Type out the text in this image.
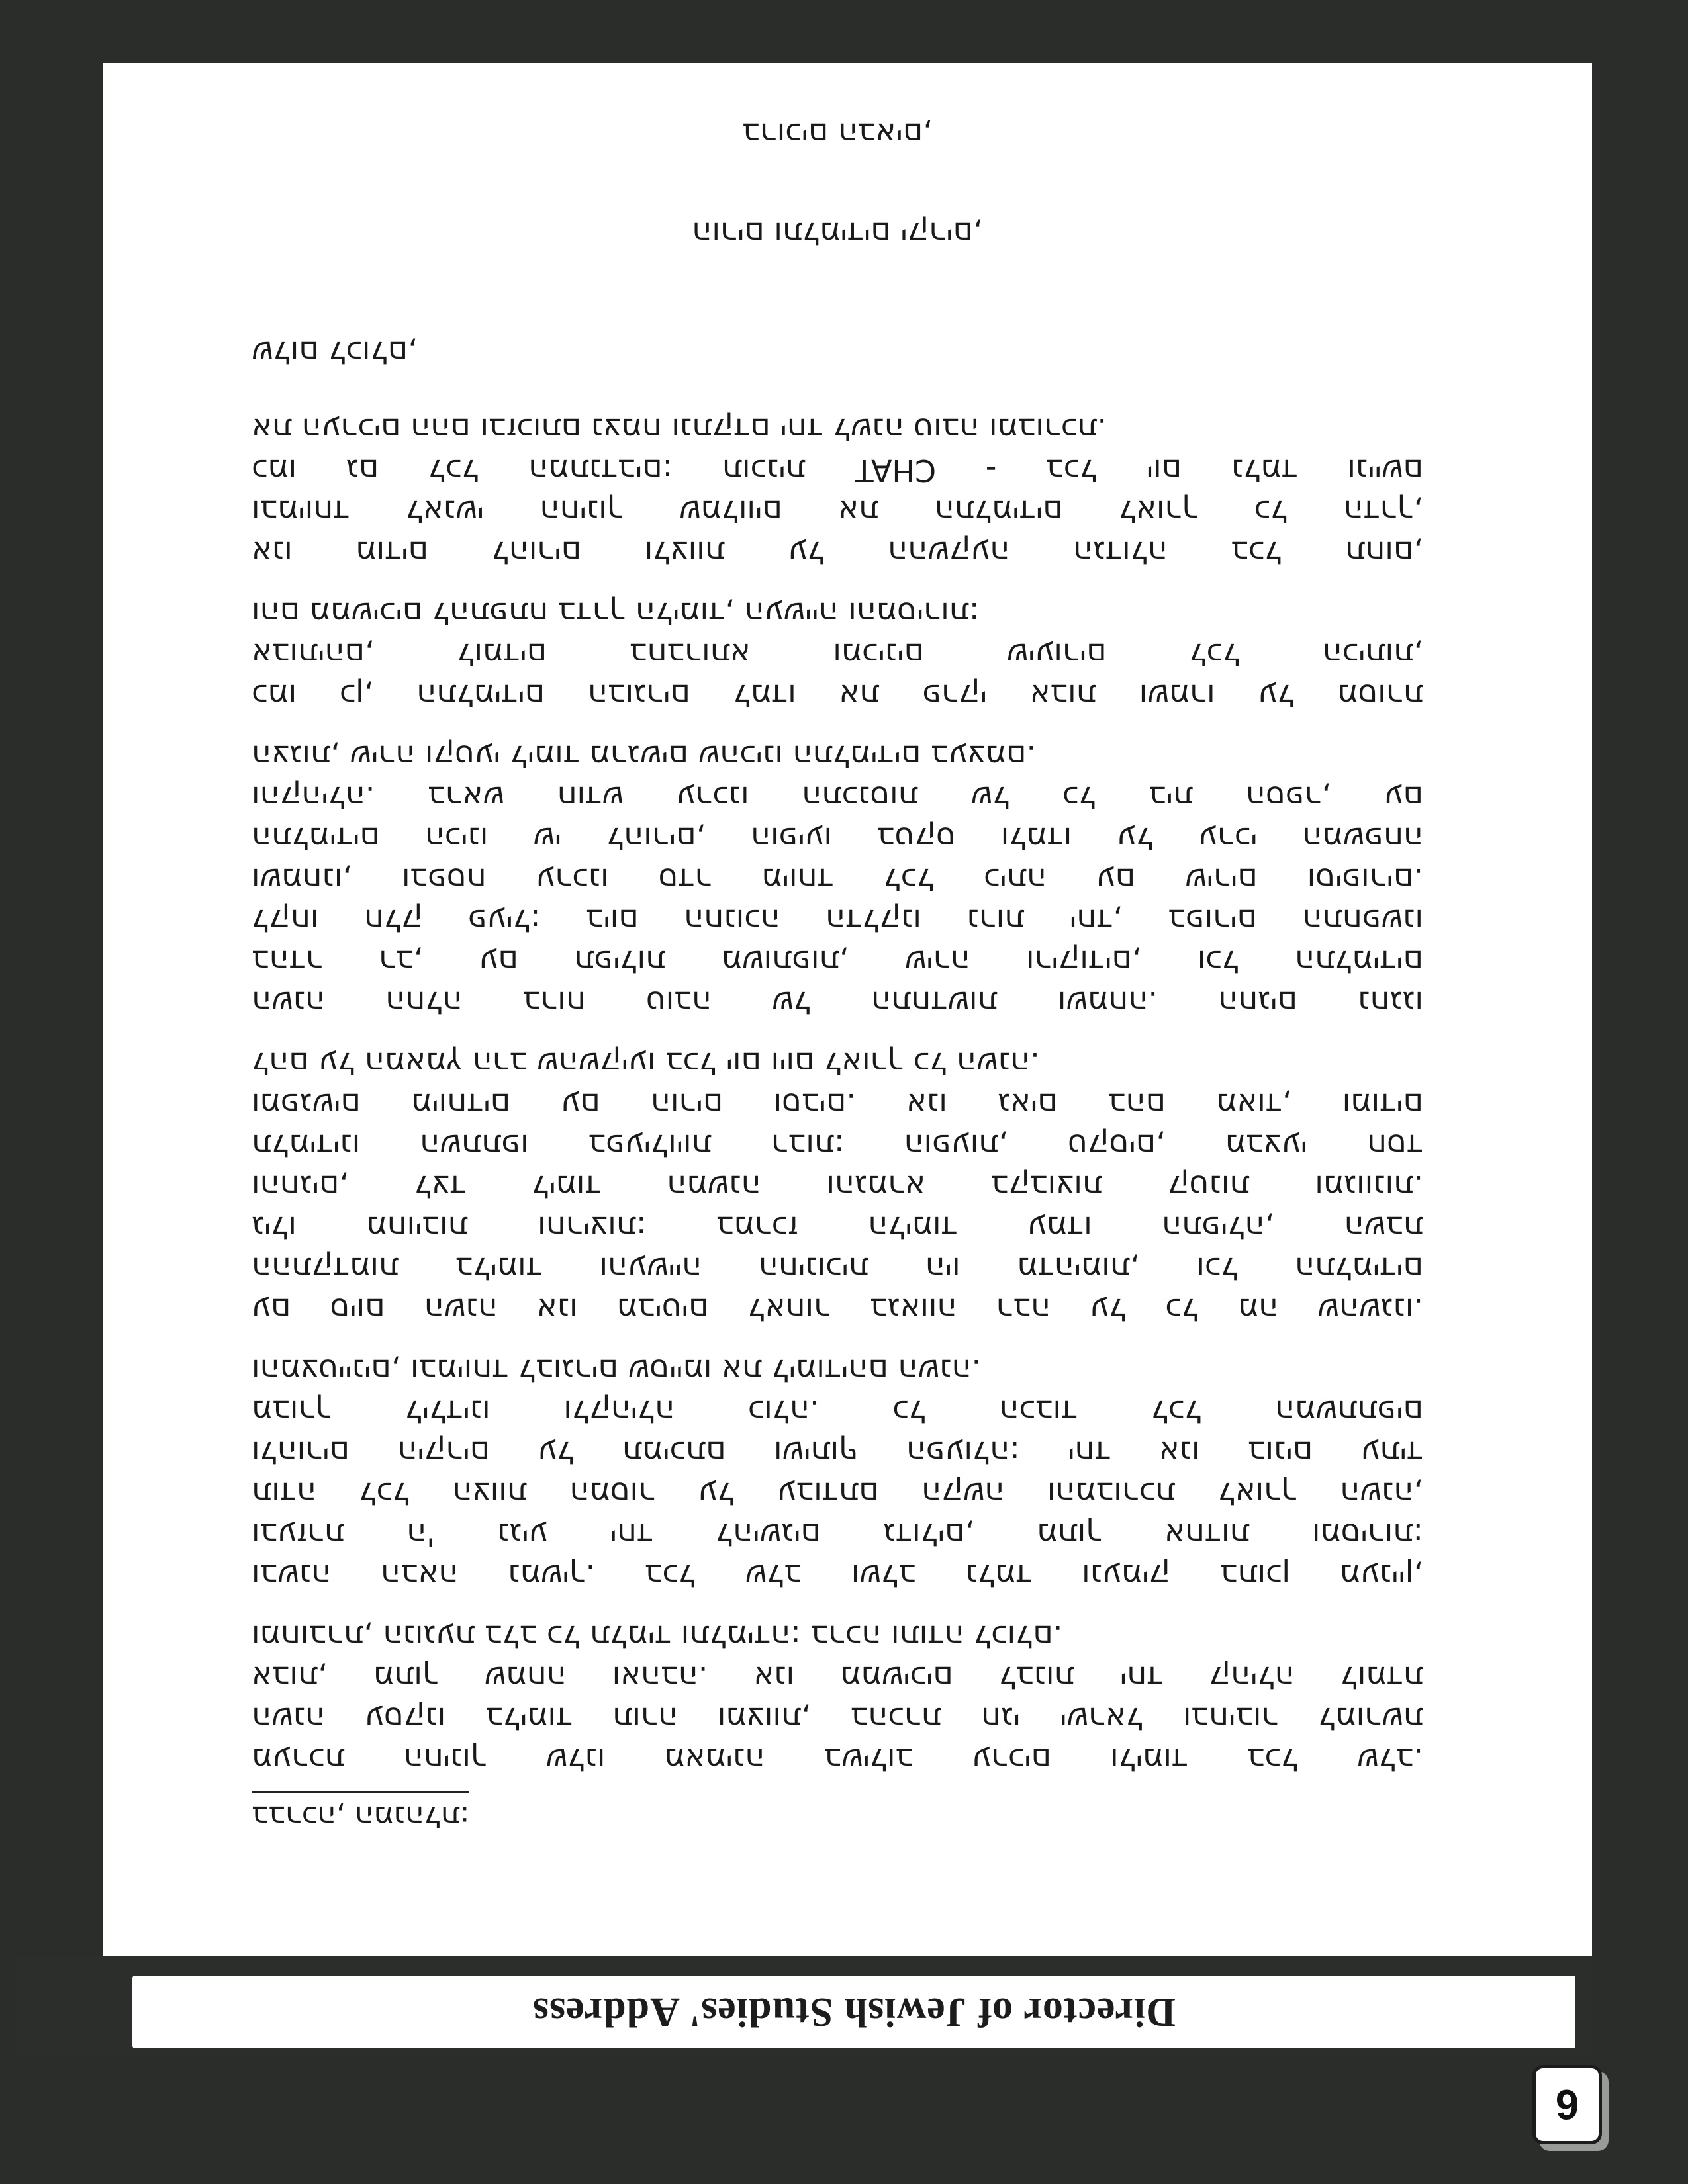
Director of Jewish Studies' Address
6
בברכה, המנהלת:
מערכת החינוך שלנו מאמינה בשילוב ערכים ולימוד בכל שלב.
השנה עסקנו בלימוד תורה ומצוות, בהכרת חגי ישראל ובחיבור למורשת
אבות, מתוך שמחה ואהבה. אנו ממשיכים לבנות יחד קהילה לומדת
ומחוברת, הנוגעת בלב כל תלמיד ותלמידה: ברכה ותודה לכולם.
ובשנה הבאה נמשיך. בכל שלב ושלב נלמד ונעמיק בתוכן מעניין,
ובעזרת ה' נגיע יחד להישגים גדולים, מתוך אחדות ומסירות:
תודה לכל הצוות המסור על עבודתם הקשה והמבורכת לאורך השנה,
ולהורים היקרים על תמיכתם ושיתוף הפעולה: יחד אנו בונים עתיד
מבורך לילדינו ולקהילה כולה. כל הכבוד לכל המשתתפים
והמצטיינים, ובמיוחד לבוגרים שסיימו את לימודיהם השנה.
עם סיום השנה אנו מביטים לאחור בגאווה רבה על כל מה שהשגנו.
ההתקדמות בלימוד והעשייה החינוכית היו מדהימות, וכל התלמידים
גילו מחויבות וחריצות: במרכז הלימוד עמדו התפילה, השבת
והחגים, לצד לימוד המשנה והגמרא בקבוצות קטנות ומגוונות.
תלמידינו השתתפו בפעילויות רבות: הופעות, טקסים, מבצעי חסד
ומפגשים מיוחדים עם הורים וסבים. אנו גאים בהם מאוד, ומודים
להם על המאמץ הרב שהשקיעו בכל יום ויום לאורך כל השנה.
השנה החלה ברוח טובה של התחדשות ושמחה. החגים נחגגו
בהדר רב, עם תפילות משותפות, שירה וריקודים, וכל התלמידים
לקחו חלק פעיל: ביום החנוכה הדלקנו נרות יחד, בפורים התחפשנו
ושמחנו, ובפסח ערכנו סדר מיוחד לכל כיתה עם שירים וסיפורים.
התלמידים הכינו שי להורים, הופיעו בטקס ולמדו על ערכי המשפחה
והקהילה. בראש חודש ערכנו התכנסות של כל בית הספר, עם
הצגות, שירה וקטעי לימוד מרגשים שהכינו התלמידים בעצמם.
כמו כן, התלמידים הבוגרים למדו את פרקי אבות ושמרו על מסורת
אבותיהם, לומדים בחברותא ומכינים שיעורים לכל הכיתות,
והם ממשיכים להתפתח בדרך הלימוד, העשייה והמסירות:
אנו מודים להורים ולצוות על ההשקעה הגדולה בכל תחום,
ובמיוחד לאנשי החינוך שמלווים את התלמידים לאורך כל הדרך,
כמו גם לכל המתנדבים: תוכנית CHAT - בכל יום נלמד וניישם
את הערכים ההם ובזכותם נצמח ונתקדם יחד לשנה טובה ומבורכת.
שלום לכולם,
הורים ותלמידים יקרים,
ברוכים הבאים,
